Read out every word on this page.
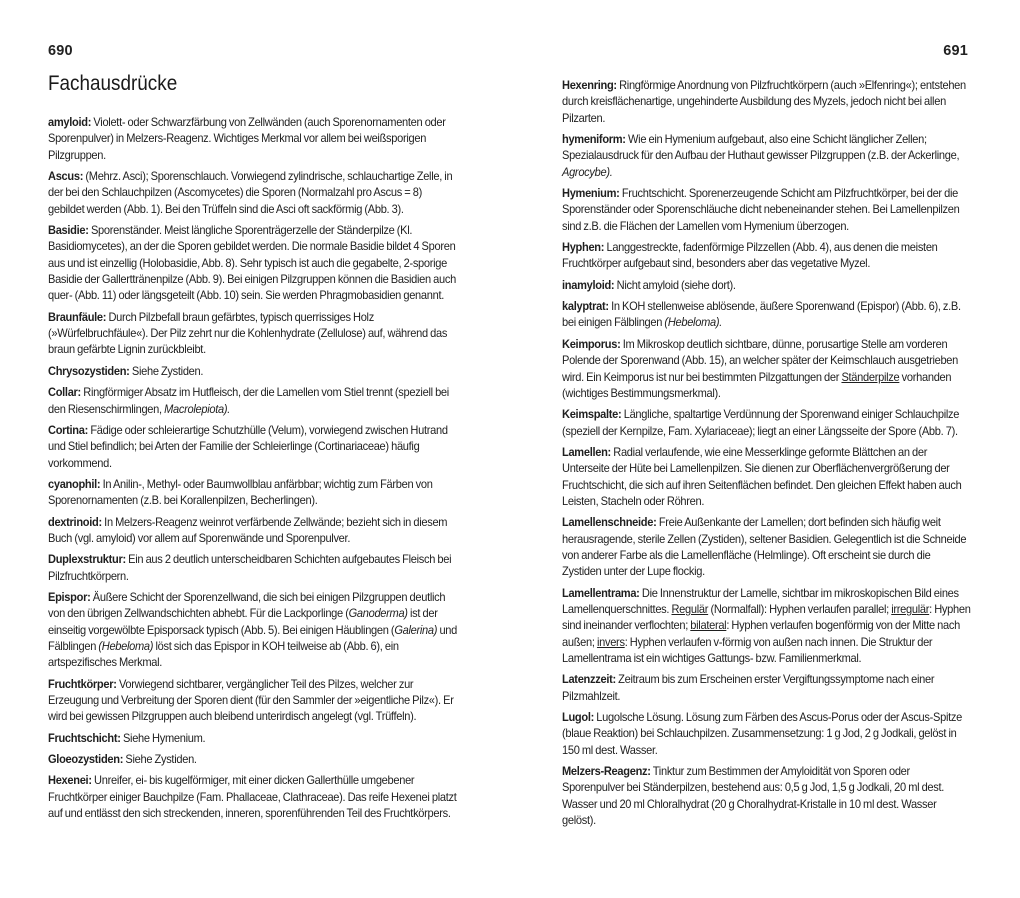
690
Fachausdrücke

amyloid: Violett- oder Schwarzfärbung von Zellwänden (auch Sporenornamenten oder Sporenpulver) in Melzers-Reagenz. Wichtiges Merkmal vor allem bei weißsporigen Pilzgruppen.

Ascus: (Mehrz. Asci); Sporenschlauch. Vorwiegend zylindrische, schlauchartige Zelle, in der bei den Schlauchpilzen (Ascomycetes) die Sporen (Normalzahl pro Ascus = 8) gebildet werden (Abb. 1). Bei den Trüffeln sind die Asci oft sackförmig (Abb. 3).

Basidie: Sporenständer. Meist längliche Sporenträgerzelle der Ständerpilze (Kl. Basidiomycetes), an der die Sporen gebildet werden. Die normale Basidie bildet 4 Sporen aus und ist einzellig (Holobasidie, Abb. 8). Sehr typisch ist auch die gegabelte, 2-sporige Basidie der Gallerttränenpilze (Abb. 9). Bei einigen Pilzgruppen können die Basidien auch quer- (Abb. 11) oder längsgeteilt (Abb. 10) sein. Sie werden Phragmobasidien genannt.

Braunfäule: Durch Pilzbefall braun gefärbtes, typisch querrissiges Holz (»Würfelbruchfäule«). Der Pilz zehrt nur die Kohlenhydrate (Zellulose) auf, während das braun gefärbte Lignin zurückbleibt.

Chrysozystiden: Siehe Zystiden.

Collar: Ringförmiger Absatz im Hutfleisch, der die Lamellen vom Stiel trennt (speziell bei den Riesenschirmlingen, Macrolepiota).

Cortina: Fädige oder schleierartige Schutzhülle (Velum), vorwiegend zwischen Hutrand und Stiel befindlich; bei Arten der Familie der Schleierlinge (Cortinariaceae) häufig vorkommend.

cyanophil: In Anilin-, Methyl- oder Baumwollblau anfärbbar; wichtig zum Färben von Sporenornamenten (z.B. bei Korallenpilzen, Becherlingen).

dextrinoid: In Melzers-Reagenz weinrot verfärbende Zellwände; bezieht sich in diesem Buch (vgl. amyloid) vor allem auf Sporenwände und Sporenpulver.

Duplexstruktur: Ein aus 2 deutlich unterscheidbaren Schichten aufgebautes Fleisch bei Pilzfruchtkörpern.

Epispor: Äußere Schicht der Sporenzellwand, die sich bei einigen Pilzgruppen deutlich von den übrigen Zellwandschichten abhebt. Für die Lackporlinge (Ganoderma) ist der einseitig vorgewölbte Episporsack typisch (Abb. 5). Bei einigen Häublingen (Galerina) und Fälblingen (Hebeloma) löst sich das Epispor in KOH teilweise ab (Abb. 6), ein artspezifisches Merkmal.

Fruchtkörper: Vorwiegend sichtbarer, vergänglicher Teil des Pilzes, welcher zur Erzeugung und Verbreitung der Sporen dient (für den Sammler der »eigentliche Pilz«). Er wird bei gewissen Pilzgruppen auch bleibend unterirdisch angelegt (vgl. Trüffeln).

Fruchtschicht: Siehe Hymenium.

Gloeozystiden: Siehe Zystiden.

Hexenei: Unreifer, ei- bis kugelförmiger, mit einer dicken Gallerthülle umgebener Fruchtkörper einiger Bauchpilze (Fam. Phallaceae, Clathraceae). Das reife Hexenei platzt auf und entlässt den sich streckenden, inneren, sporenführenden Teil des Fruchtkörpers.

691

Hexenring: Ringförmige Anordnung von Pilzfruchtkörpern (auch »Elfenring«); entstehen durch kreisflächenartige, ungehinderte Ausbildung des Myzels, jedoch nicht bei allen Pilzarten.

hymeniform: Wie ein Hymenium aufgebaut, also eine Schicht länglicher Zellen; Spezialausdruck für den Aufbau der Huthaut gewisser Pilzgruppen (z.B. der Ackerlinge, Agrocybe).

Hymenium: Fruchtschicht. Sporenerzeugende Schicht am Pilzfruchtkörper, bei der die Sporenständer oder Sporenschläuche dicht nebeneinander stehen. Bei Lamellenpilzen sind z.B. die Flächen der Lamellen vom Hymenium überzogen.

Hyphen: Langgestreckte, fadenförmige Pilzzellen (Abb. 4), aus denen die meisten Fruchtkörper aufgebaut sind, besonders aber das vegetative Myzel.

inamyloid: Nicht amyloid (siehe dort).

kalyptrat: In KOH stellenweise ablösende, äußere Sporenwand (Epispor) (Abb. 6), z.B. bei einigen Fälblingen (Hebeloma).

Keimporus: Im Mikroskop deutlich sichtbare, dünne, porusartige Stelle am vorderen Polende der Sporenwand (Abb. 15), an welcher später der Keimschlauch ausgetrieben wird. Ein Keimporus ist nur bei bestimmten Pilzgattungen der Ständerpilze vorhanden (wichtiges Bestimmungsmerkmal).

Keimspalte: Längliche, spaltartige Verdünnung der Sporenwand einiger Schlauchpilze (speziell der Kernpilze, Fam. Xylariaceae); liegt an einer Längsseite der Spore (Abb. 7).

Lamellen: Radial verlaufende, wie eine Messerklinge geformte Blättchen an der Unterseite der Hüte bei Lamellenpilzen. Sie dienen zur Oberflächenvergrößerung der Fruchtschicht, die sich auf ihren Seitenflächen befindet. Den gleichen Effekt haben auch Leisten, Stacheln oder Röhren.

Lamellenschneide: Freie Außenkante der Lamellen; dort befinden sich häufig weit herausragende, sterile Zellen (Zystiden), seltener Basidien. Gelegentlich ist die Schneide von anderer Farbe als die Lamellenfläche (Helmlinge). Oft erscheint sie durch die Zystiden unter der Lupe flockig.

Lamellentrama: Die Innenstruktur der Lamelle, sichtbar im mikroskopischen Bild eines Lamellenquerschnittes. Regulär (Normalfall): Hyphen verlaufen parallel; irregulär: Hyphen sind ineinander verflochten; bilateral: Hyphen verlaufen bogenförmig von der Mitte nach außen; invers: Hyphen verlaufen v-förmig von außen nach innen. Die Struktur der Lamellentrama ist ein wichtiges Gattungs- bzw. Familienmerkmal.

Latenzzeit: Zeitraum bis zum Erscheinen erster Vergiftungssymptome nach einer Pilzmahlzeit.

Lugol: Lugolsche Lösung. Lösung zum Färben des Ascus-Porus oder der Ascus-Spitze (blaue Reaktion) bei Schlauchpilzen. Zusammensetzung: 1 g Jod, 2 g Jodkali, gelöst in 150 ml dest. Wasser.

Melzers-Reagenz: Tinktur zum Bestimmen der Amyloidität von Sporen oder Sporenpulver bei Ständerpilzen, bestehend aus: 0,5 g Jod, 1,5 g Jodkali, 20 ml dest. Wasser und 20 ml Chloralhydrat (20 g Choralhydrat-Kristalle in 10 ml dest. Wasser gelöst).
